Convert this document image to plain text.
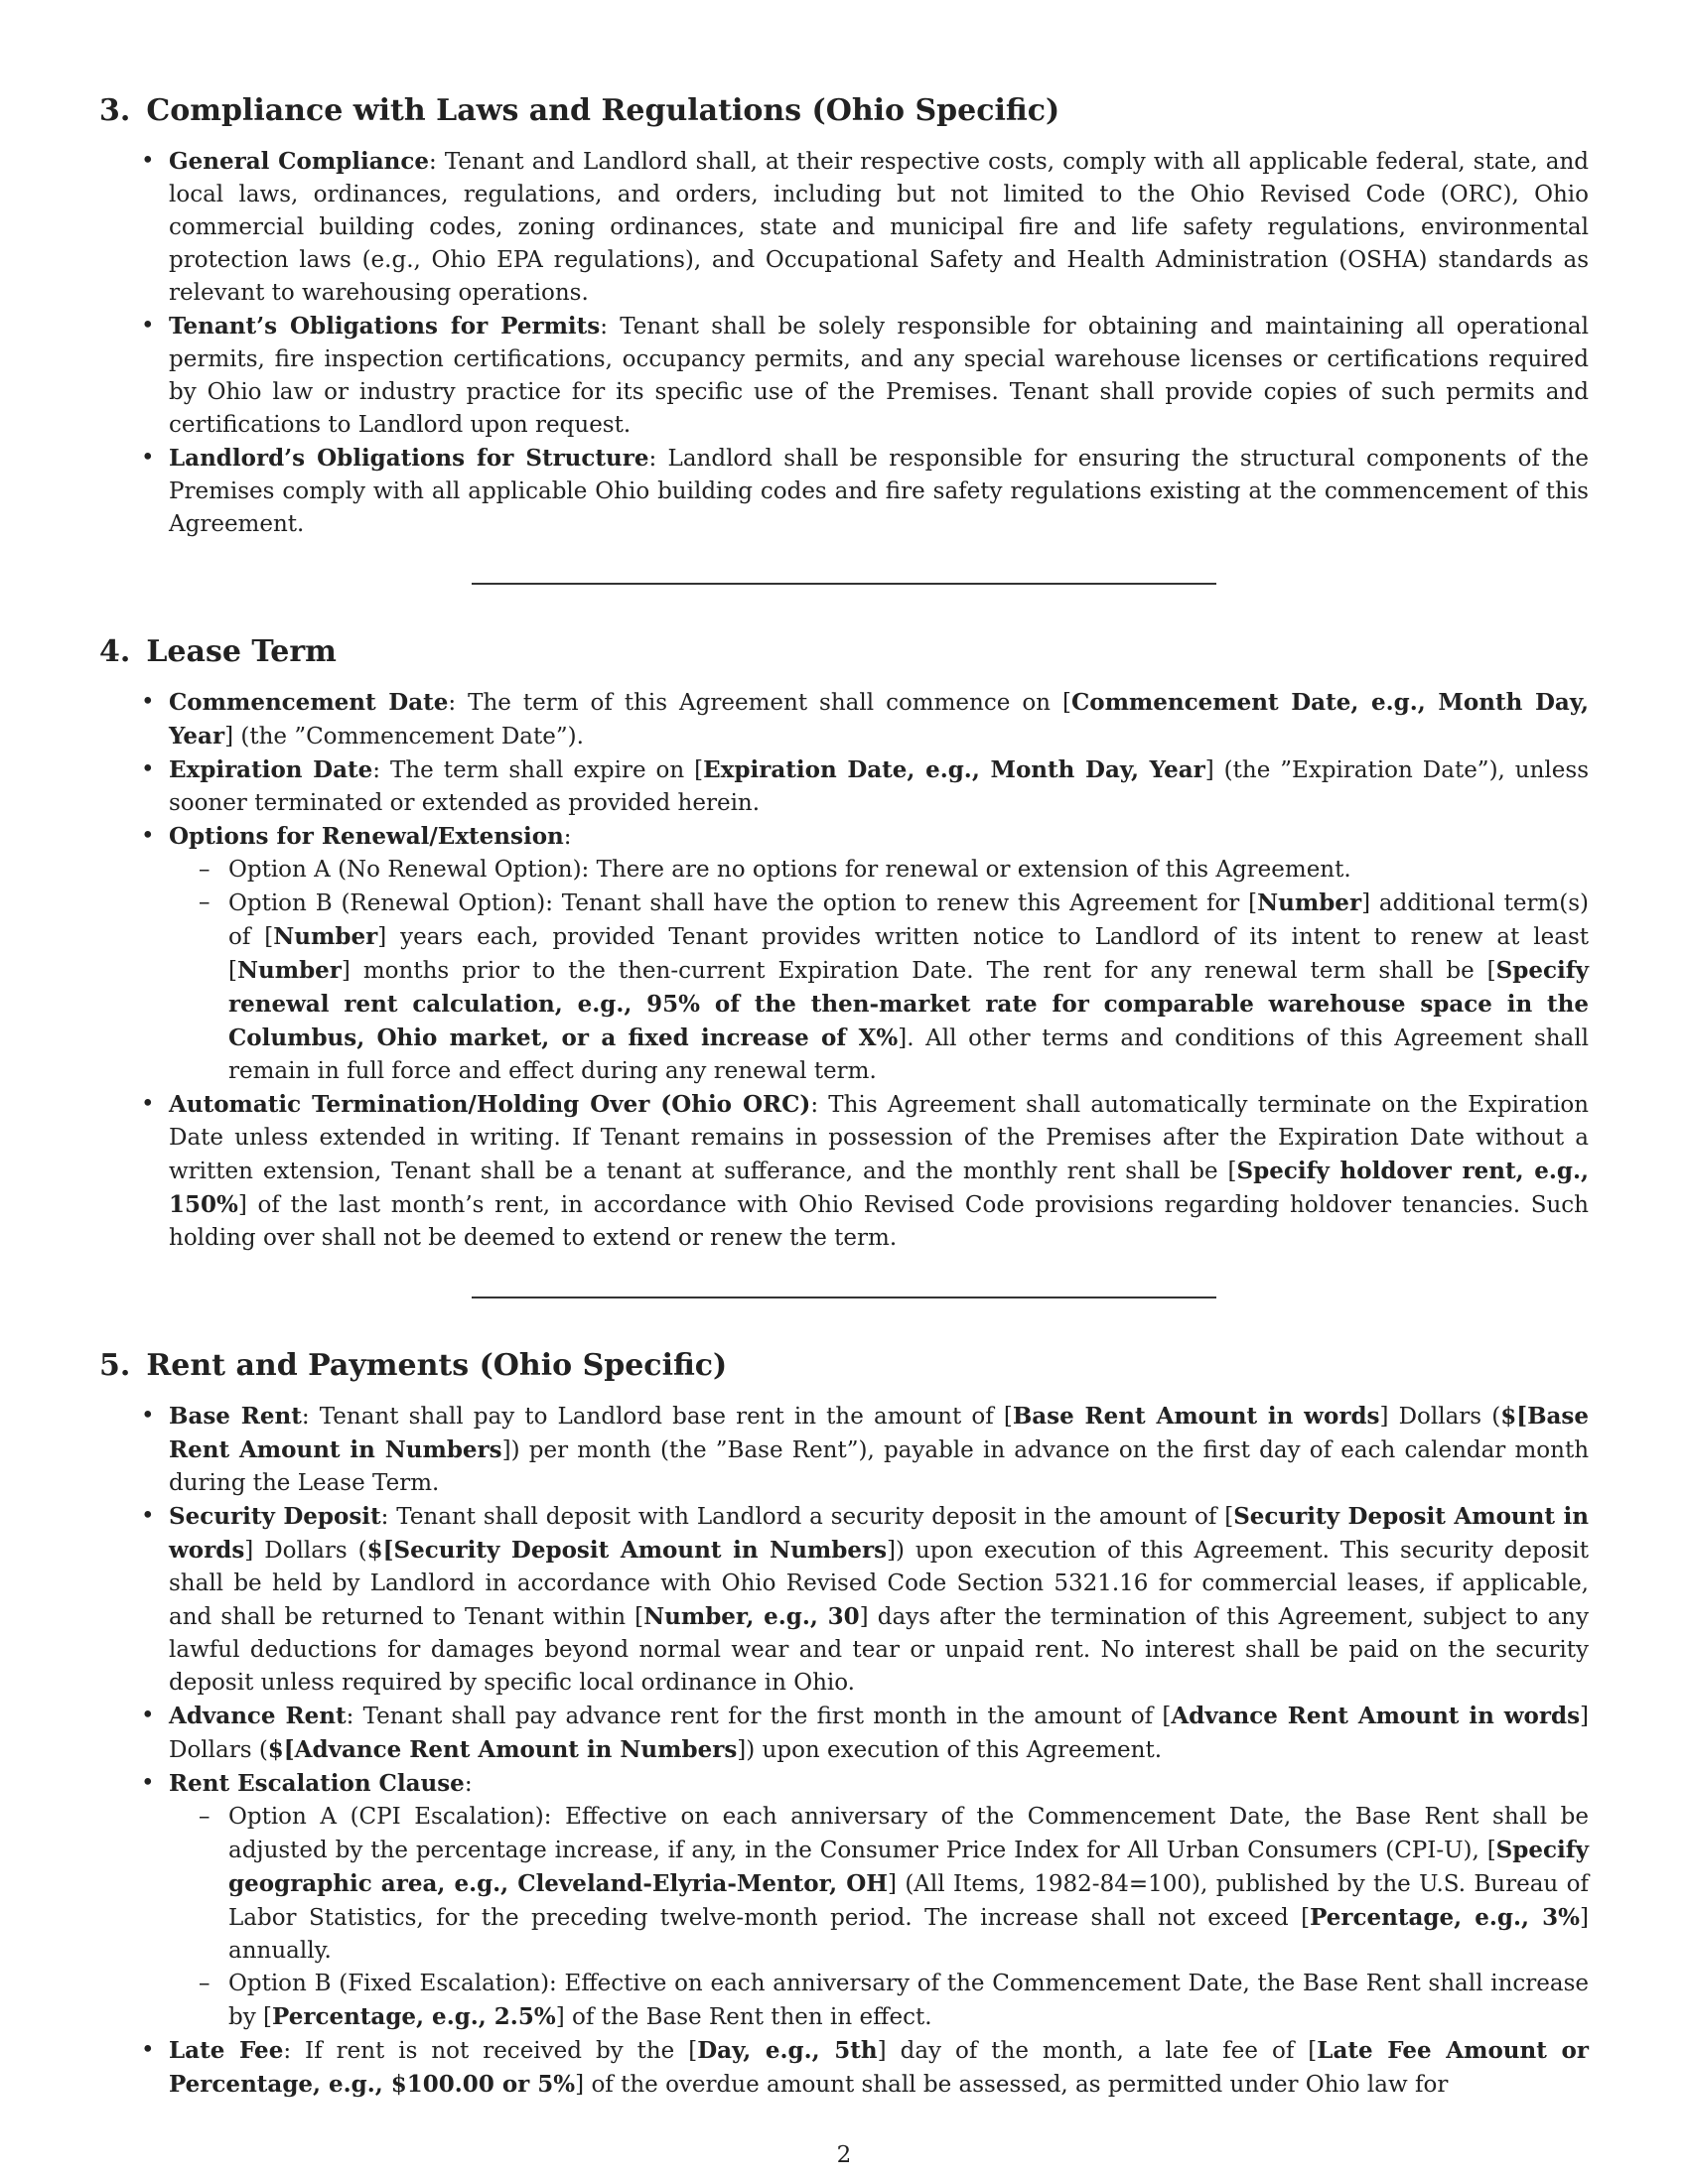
3. Compliance with Laws and Regulations (Ohio Specific)
• General Compliance: Tenant and Landlord shall, at their respective costs, comply with all applicable federal, state, and local laws, ordinances, regulations, and orders, including but not limited to the Ohio Revised Code (ORC), Ohio commercial building codes, zoning ordinances, state and municipal fire and life safety regulations, environmental protection laws (e.g., Ohio EPA regulations), and Occupational Safety and Health Administration (OSHA) standards as relevant to warehousing operations.
• Tenant’s Obligations for Permits: Tenant shall be solely responsible for obtaining and maintaining all operational permits, fire inspection certifications, occupancy permits, and any special warehouse licenses or certifications required by Ohio law or industry practice for its specific use of the Premises. Tenant shall provide copies of such permits and certifications to Landlord upon request.
• Landlord’s Obligations for Structure: Landlord shall be responsible for ensuring the structural components of the Premises comply with all applicable Ohio building codes and fire safety regulations existing at the commencement of this Agreement.
4. Lease Term
• Commencement Date: The term of this Agreement shall commence on [Commencement Date, e.g., Month Day, Year] (the ”Commencement Date”).
• Expiration Date: The term shall expire on [Expiration Date, e.g., Month Day, Year] (the ”Expiration Date”), unless sooner terminated or extended as provided herein.
• Options for Renewal/Extension:
– Option A (No Renewal Option): There are no options for renewal or extension of this Agreement.
– Option B (Renewal Option): Tenant shall have the option to renew this Agreement for [Number] additional term(s) of [Number] years each, provided Tenant provides written notice to Landlord of its intent to renew at least [Number] months prior to the then-current Expiration Date. The rent for any renewal term shall be [Specify renewal rent calculation, e.g., 95% of the then-market rate for comparable warehouse space in the Columbus, Ohio market, or a fixed increase of X%]. All other terms and conditions of this Agreement shall remain in full force and effect during any renewal term.
• Automatic Termination/Holding Over (Ohio ORC): This Agreement shall automatically terminate on the Expiration Date unless extended in writing. If Tenant remains in possession of the Premises after the Expiration Date without a written extension, Tenant shall be a tenant at sufferance, and the monthly rent shall be [Specify holdover rent, e.g., 150%] of the last month’s rent, in accordance with Ohio Revised Code provisions regarding holdover tenancies. Such holding over shall not be deemed to extend or renew the term.
5. Rent and Payments (Ohio Specific)
• Base Rent: Tenant shall pay to Landlord base rent in the amount of [Base Rent Amount in words] Dollars ($[Base Rent Amount in Numbers]) per month (the ”Base Rent”), payable in advance on the first day of each calendar month during the Lease Term.
• Security Deposit: Tenant shall deposit with Landlord a security deposit in the amount of [Security Deposit Amount in words] Dollars ($[Security Deposit Amount in Numbers]) upon execution of this Agreement. This security deposit shall be held by Landlord in accordance with Ohio Revised Code Section 5321.16 for commercial leases, if applicable, and shall be returned to Tenant within [Number, e.g., 30] days after the termination of this Agreement, subject to any lawful deductions for damages beyond normal wear and tear or unpaid rent. No interest shall be paid on the security deposit unless required by specific local ordinance in Ohio.
• Advance Rent: Tenant shall pay advance rent for the first month in the amount of [Advance Rent Amount in words] Dollars ($[Advance Rent Amount in Numbers]) upon execution of this Agreement.
• Rent Escalation Clause:
– Option A (CPI Escalation): Effective on each anniversary of the Commencement Date, the Base Rent shall be adjusted by the percentage increase, if any, in the Consumer Price Index for All Urban Consumers (CPI-U), [Specify geographic area, e.g., Cleveland-Elyria-Mentor, OH] (All Items, 1982-84=100), published by the U.S. Bureau of Labor Statistics, for the preceding twelve-month period. The increase shall not exceed [Percentage, e.g., 3%] annually.
– Option B (Fixed Escalation): Effective on each anniversary of the Commencement Date, the Base Rent shall increase by [Percentage, e.g., 2.5%] of the Base Rent then in effect.
• Late Fee: If rent is not received by the [Day, e.g., 5th] day of the month, a late fee of [Late Fee Amount or Percentage, e.g., $100.00 or 5%] of the overdue amount shall be assessed, as permitted under Ohio law for
2
